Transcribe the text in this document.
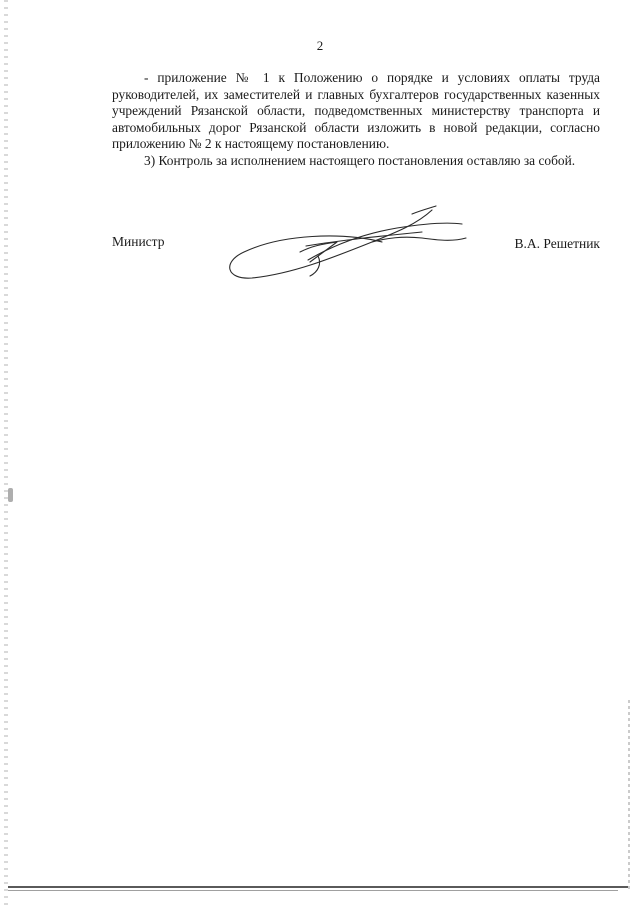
2

- приложение № 1 к Положению о порядке и условиях оплаты труда руководителей, их заместителей и главных бухгалтеров государственных казенных учреждений Рязанской области, подведомственных министерству транспорта и автомобильных дорог Рязанской области изложить в новой редакции, согласно приложению № 2 к настоящему постановлению.

3) Контроль за исполнением настоящего постановления оставляю за собой.

Министр	В.А. Решетник
